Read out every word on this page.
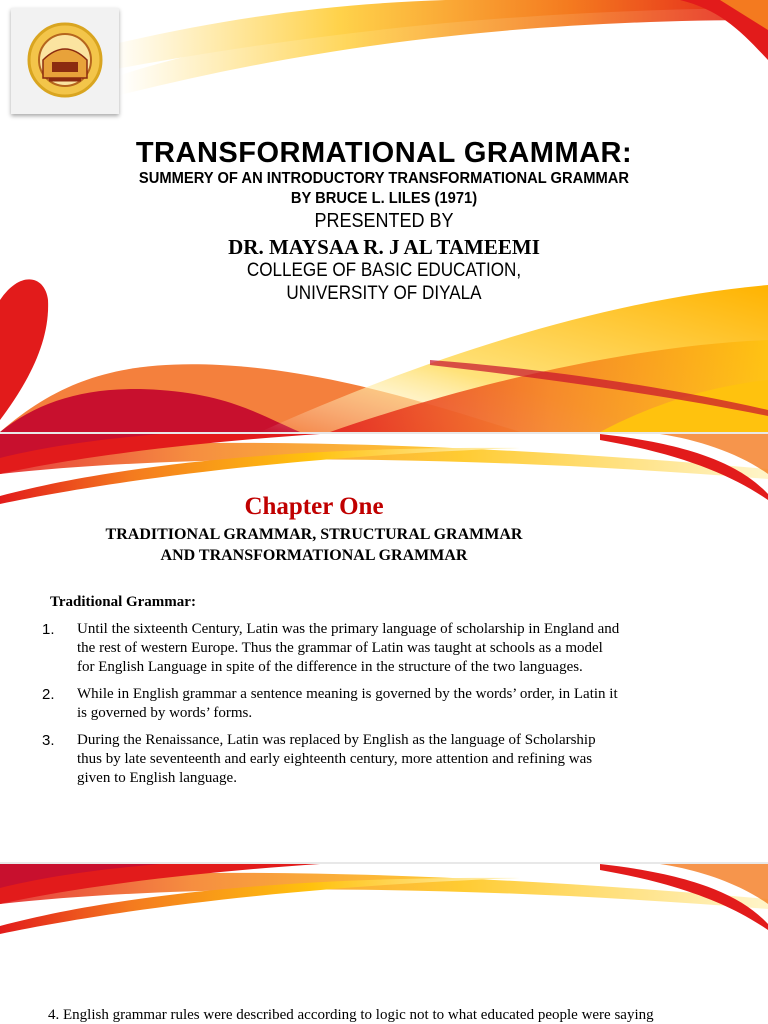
TRANSFORMATIONAL GRAMMAR:
SUMMERY OF AN INTRODUCTORY TRANSFORMATIONAL GRAMMAR
BY BRUCE L. LILES (1971)
PRESENTED BY
DR. MAYSAA R. J AL TAMEEMI
COLLEGE OF BASIC EDUCATION,
UNIVERSITY OF DIYALA
Chapter One
TRADITIONAL GRAMMAR, STRUCTURAL GRAMMAR
AND TRANSFORMATIONAL GRAMMAR
Traditional Grammar:
1. Until the sixteenth Century, Latin was the primary language of scholarship in England and
the rest of western Europe. Thus the grammar of Latin was taught at schools as a model
for English Language in spite of the difference in the structure of the two languages.
2. While in English grammar a sentence meaning is governed by the words’ order, in Latin it
is governed by words’ forms.
3. During the Renaissance, Latin was replaced by English as the language of Scholarship
thus by late seventeenth and early eighteenth century, more attention and refining was
given to English language.
4. English grammar rules were described according to logic not to what educated people were saying
